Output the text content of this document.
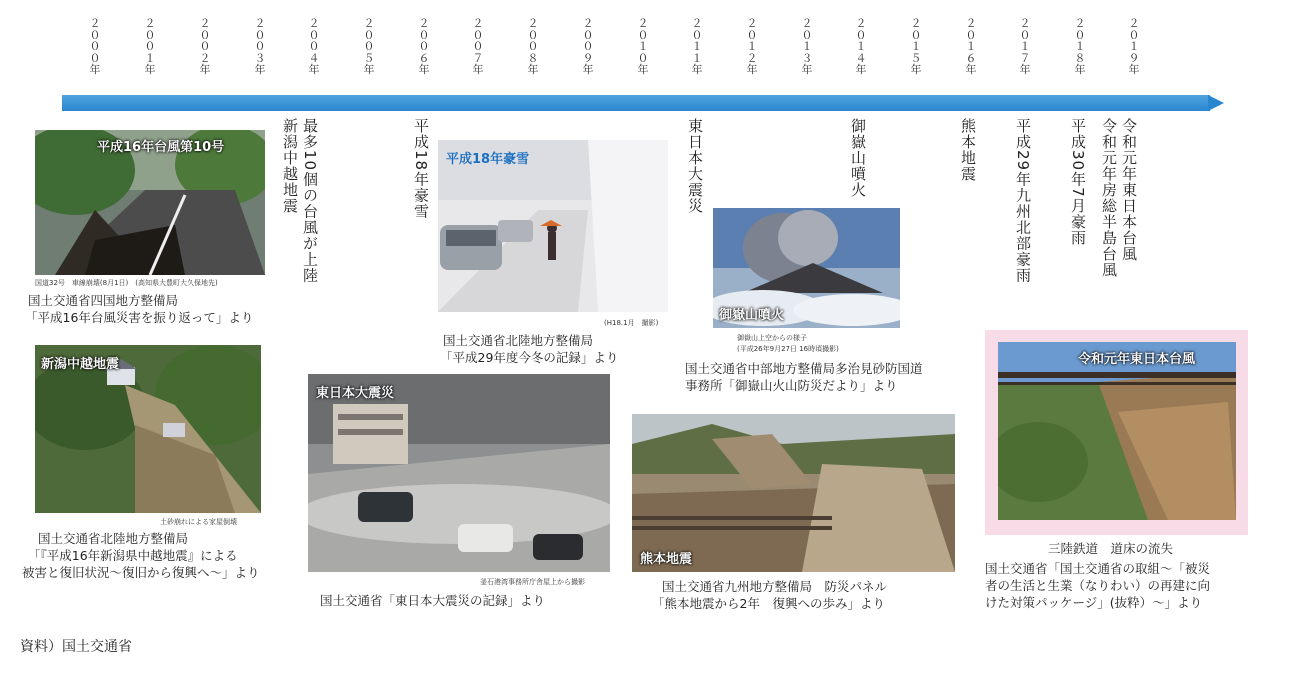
２０００年
２００１年
２００２年
２００３年
２００４年
２００５年
２００６年
２００７年
２００８年
２００９年
２０１０年
２０１１年
２０１２年
２０１３年
２０１４年
２０１５年
２０１６年
２０１７年
２０１８年
２０１９年
新潟中越地震 最多10個の台風が上陸	平成18年豪雪	東日本大震災	御嶽山噴火	熊本地震 平成29年九州北部豪雨 平成30年7月豪雨 令和元年東日本台風
令和元年房総半島台風
平成16年台風第10号
国道32号　車線崩壊(8月1日)　(高知県大豊町大久保地先)
国土交通省四国地方整備局
「平成16年台風災害を振り返って」より
平成18年豪雪
(H18.1月　撮影)
国土交通省北陸地方整備局
「平成29年度今冬の記録」より
御嶽山噴火
御嶽山上空からの様子
(平成26年9月27日 16時頃撮影)
国土交通省中部地方整備局多治見砂防国道
事務所「御嶽山火山防災だより」より
新潟中越地震
土砂崩れによる家屋倒壊
国土交通省北陸地方整備局
「『平成16年新潟県中越地震』による
被害と復旧状況～復旧から復興へ～」より
東日本大震災
釜石港湾事務所庁舎屋上から撮影
国土交通省「東日本大震災の記録」より
熊本地震
国土交通省九州地方整備局　防災パネル
「熊本地震から2年　復興への歩み」より
令和元年東日本台風
三陸鉄道　道床の流失
国土交通省「国土交通省の取組～「被災
者の生活と生業（なりわい）の再建に向
けた対策パッケージ」(抜粋）～」より
資料）国土交通省
